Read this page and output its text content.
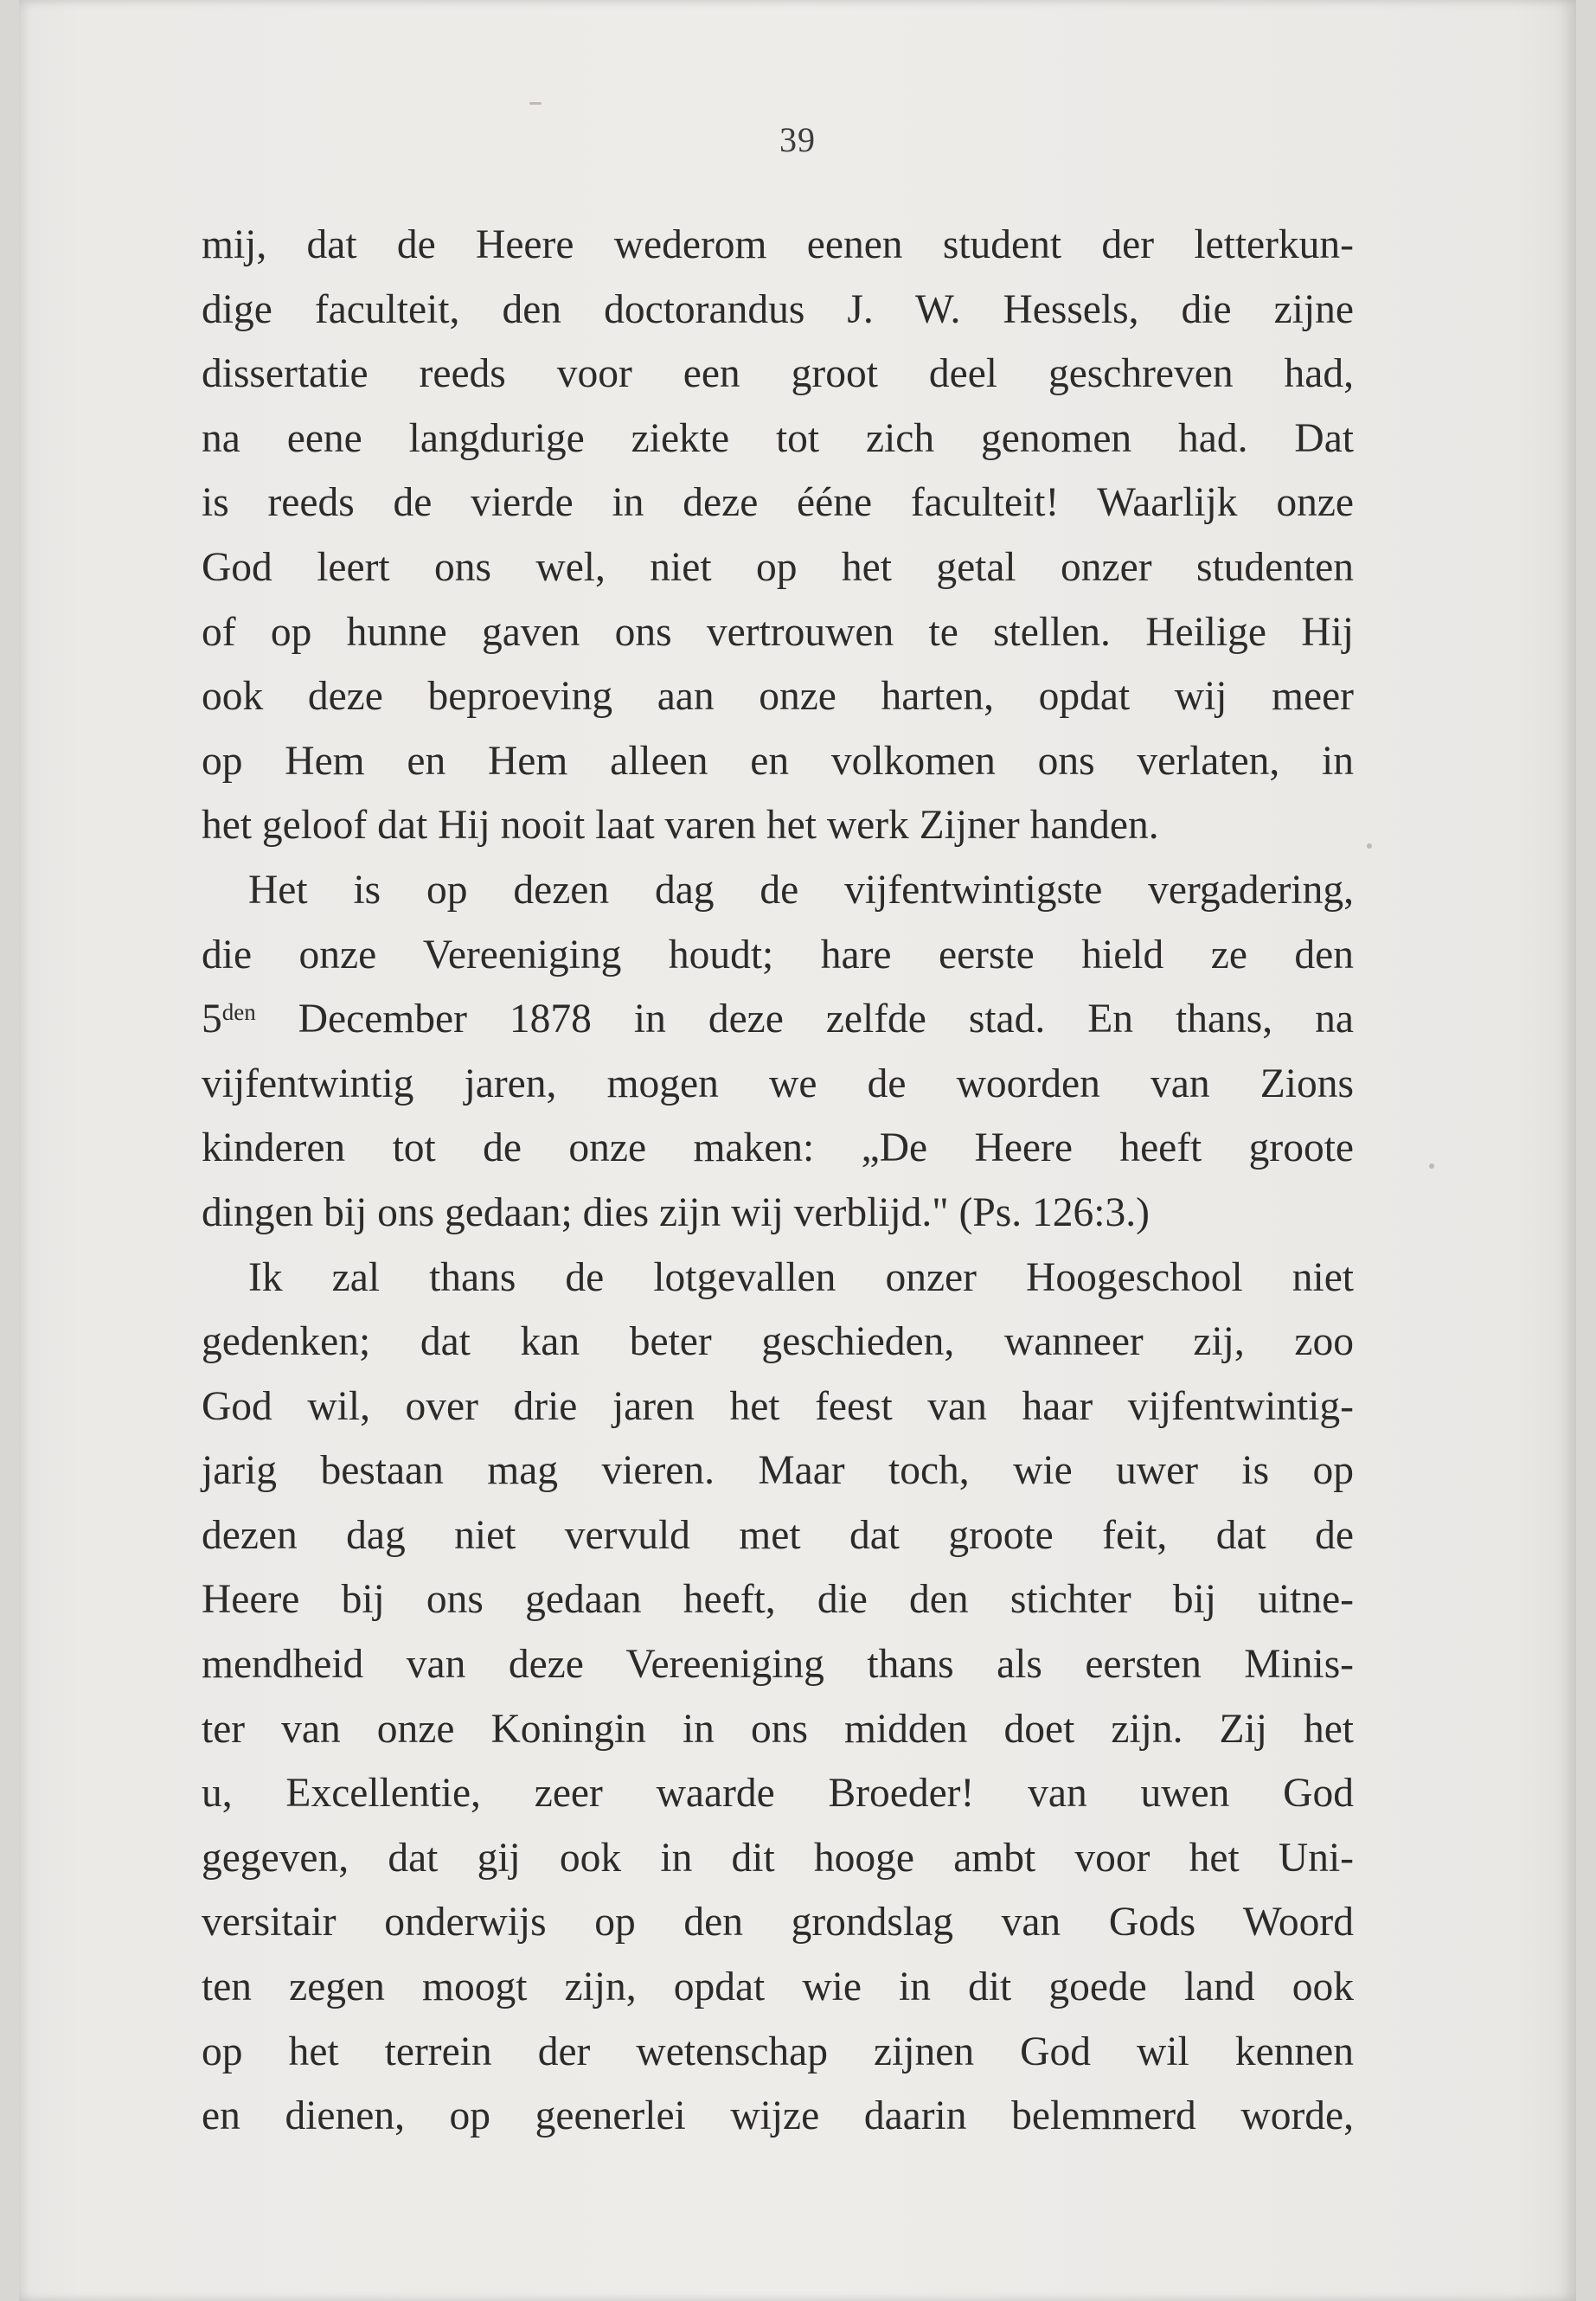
39
mij, dat de Heere wederom eenen student der letterkun-
dige faculteit, den doctorandus J. W. Hessels, die zijne
dissertatie reeds voor een groot deel geschreven had,
na eene langdurige ziekte tot zich genomen had. Dat
is reeds de vierde in deze ééne faculteit! Waarlijk onze
God leert ons wel, niet op het getal onzer studenten
of op hunne gaven ons vertrouwen te stellen. Heilige Hij
ook deze beproeving aan onze harten, opdat wij meer
op Hem en Hem alleen en volkomen ons verlaten, in
het geloof dat Hij nooit laat varen het werk Zijner handen.
Het is op dezen dag de vijfentwintigste vergadering,
die onze Vereeniging houdt; hare eerste hield ze den
$5^{den}$ December 1878 in deze zelfde stad. En thans, na
vijfentwintig jaren, mogen we de woorden van Zions
kinderen tot de onze maken: „De Heere heeft groote
dingen bij ons gedaan; dies zijn wij verblijd." (Ps. 126:3.)
Ik zal thans de lotgevallen onzer Hoogeschool niet
gedenken; dat kan beter geschieden, wanneer zij, zoo
God wil, over drie jaren het feest van haar vijfentwintig-
jarig bestaan mag vieren. Maar toch, wie uwer is op
dezen dag niet vervuld met dat groote feit, dat de
Heere bij ons gedaan heeft, die den stichter bij uitne-
mendheid van deze Vereeniging thans als eersten Minis-
ter van onze Koningin in ons midden doet zijn. Zij het
u, Excellentie, zeer waarde Broeder! van uwen God
gegeven, dat gij ook in dit hooge ambt voor het Uni-
versitair onderwijs op den grondslag van Gods Woord
ten zegen moogt zijn, opdat wie in dit goede land ook
op het terrein der wetenschap zijnen God wil kennen
en dienen, op geenerlei wijze daarin belemmerd worde,
